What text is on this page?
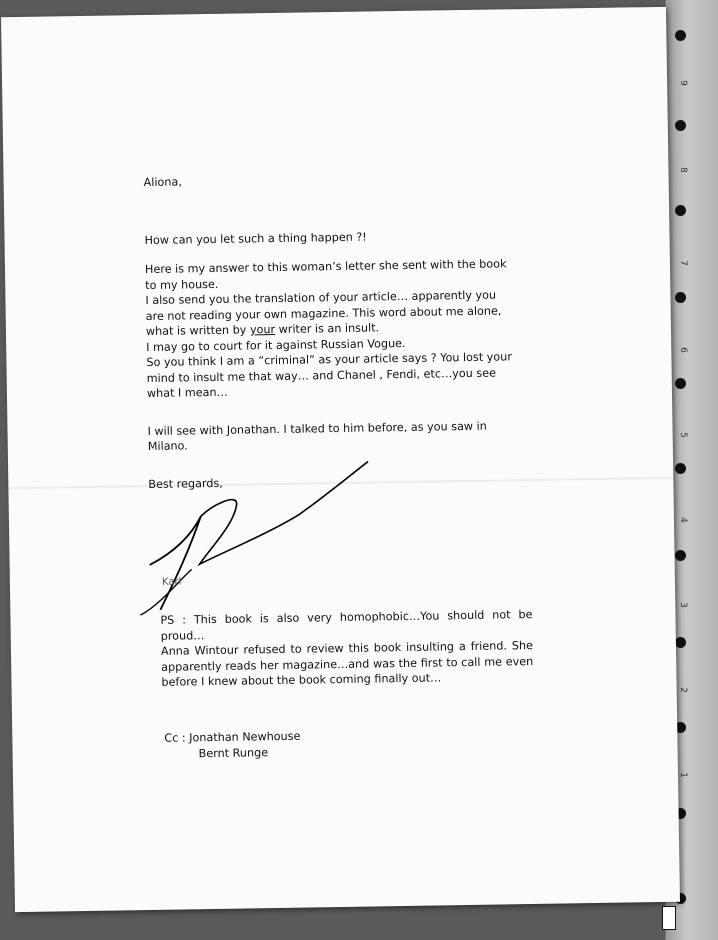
9
7
6
5
4
3
2
1
8

Aliona,

How can you let such a thing happen ?!

Here is my answer to this woman’s letter she sent with the book

to my house.

I also send you the translation of your article… apparently you

are not reading your own magazine. This word about me alone,

what is written by your writer is an insult.

I may go to court for it against Russian Vogue.

So you think I am a “criminal” as your article says ? You lost your

mind to insult me that way… and Chanel , Fendi, etc…you see

what I mean…

I will see with Jonathan. I talked to him before, as you saw in

Milano.

Best regards,

Karl

PS : This book is also very homophobic…You should not be proud…

Anna Wintour refused to review this book insulting a friend. She apparently reads her magazine…and was the first to call me even before I knew about the book coming finally out…

Cc : Jonathan Newhouse
Bernt Runge
